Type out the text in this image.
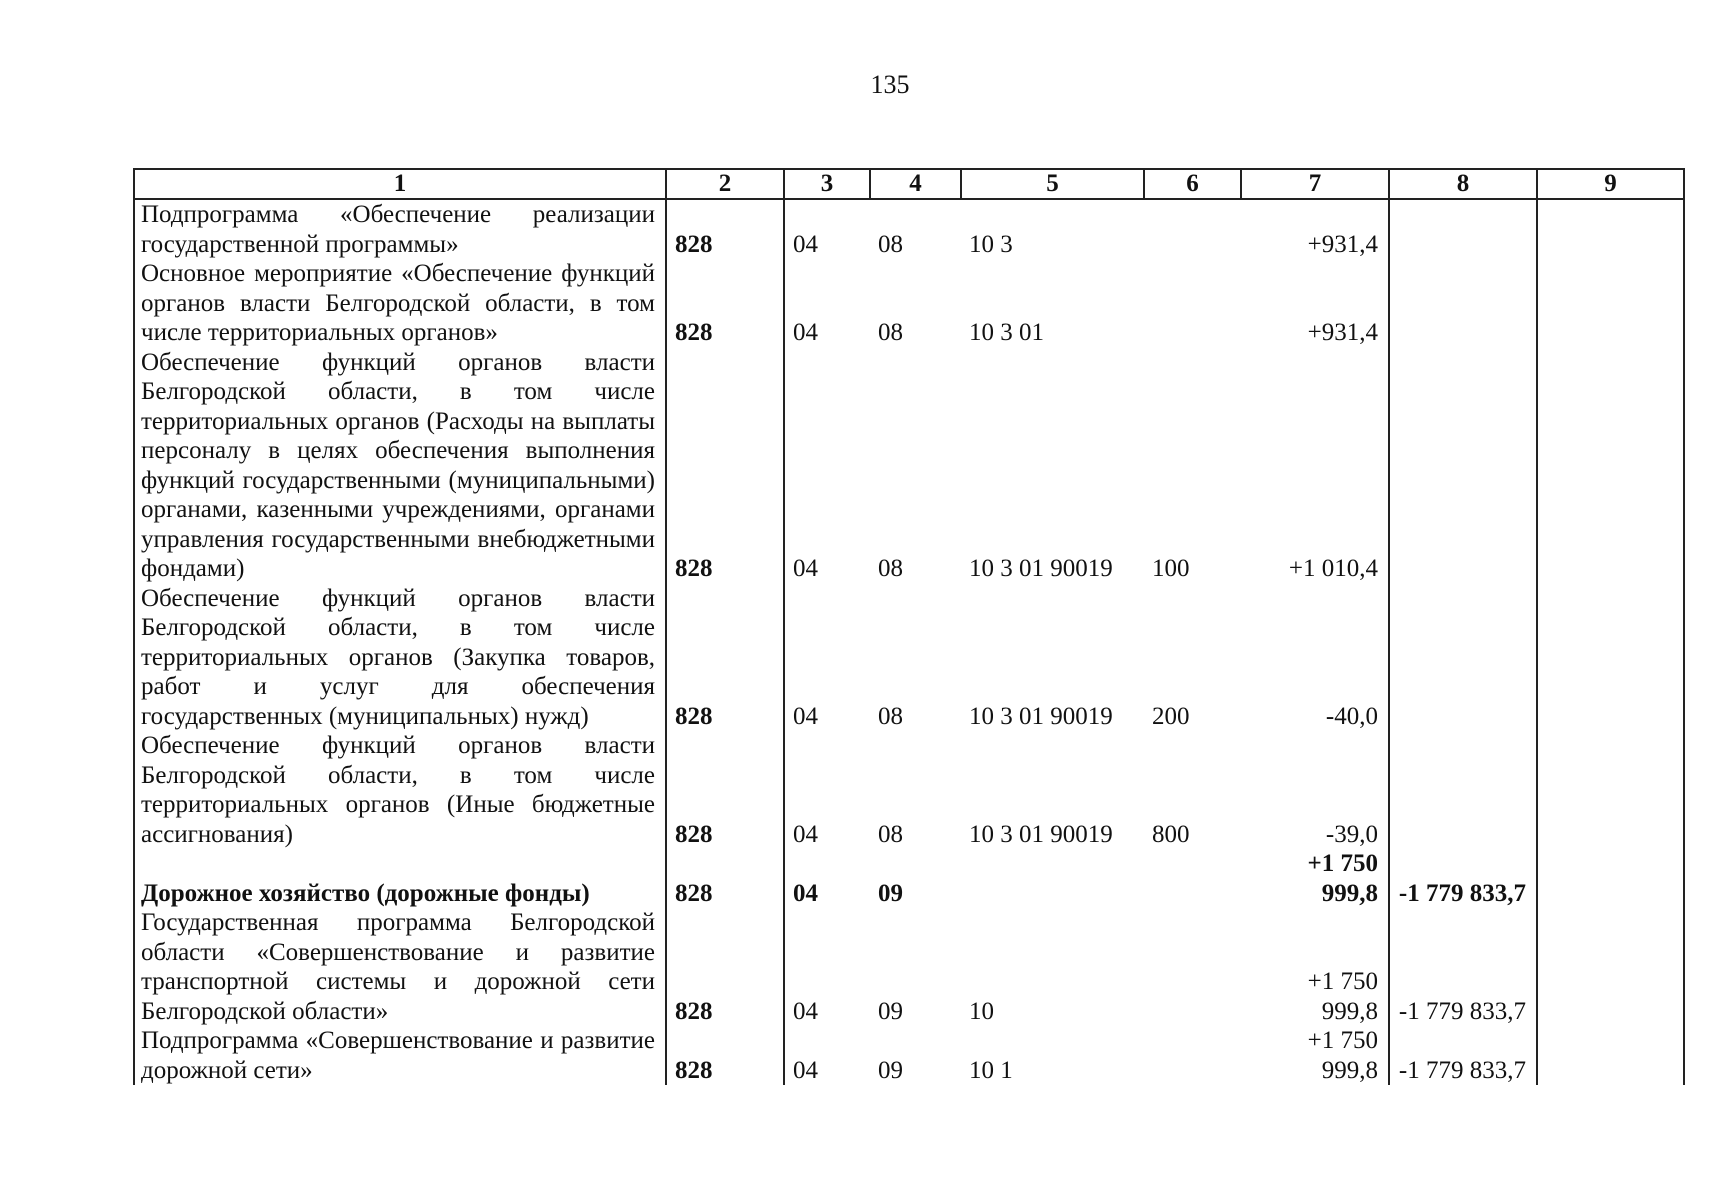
135
1	2	3	4	5	6	7	8	9
Подпрограмма «Обеспечение реализации государственной программы»	828	04	08	10 3		+931,4		
Основное мероприятие «Обеспечение функций органов власти Белгородской области, в том числе территориальных органов»	828	04	08	10 3 01		+931,4		
Обеспечение функций органов власти Белгородской области, в том числе территориальных органов (Расходы на выплаты персоналу в целях обеспечения выполнения функций государственными (муниципальными) органами, казенными учреждениями, органами управления государственными внебюджетными фондами)	828	04	08	10 3 01 90019	100	+1 010,4		
Обеспечение функций органов власти Белгородской области, в том числе территориальных органов (Закупка товаров, работ и услуг для обеспечения государственных (муниципальных) нужд)	828	04	08	10 3 01 90019	200	-40,0		
Обеспечение функций органов власти Белгородской области, в том числе территориальных органов (Иные бюджетные ассигнования)	828	04	08	10 3 01 90019	800	-39,0		
Дорожное хозяйство (дорожные фонды)	828	04	09			+1 750 999,8	-1 779 833,7	
Государственная программа Белгородской области «Совершенствование и развитие транспортной системы и дорожной сети Белгородской области»	828	04	09	10		+1 750 999,8	-1 779 833,7	
Подпрограмма «Совершенствование и развитие дорожной сети»	828	04	09	10 1		+1 750 999,8	-1 779 833,7	
